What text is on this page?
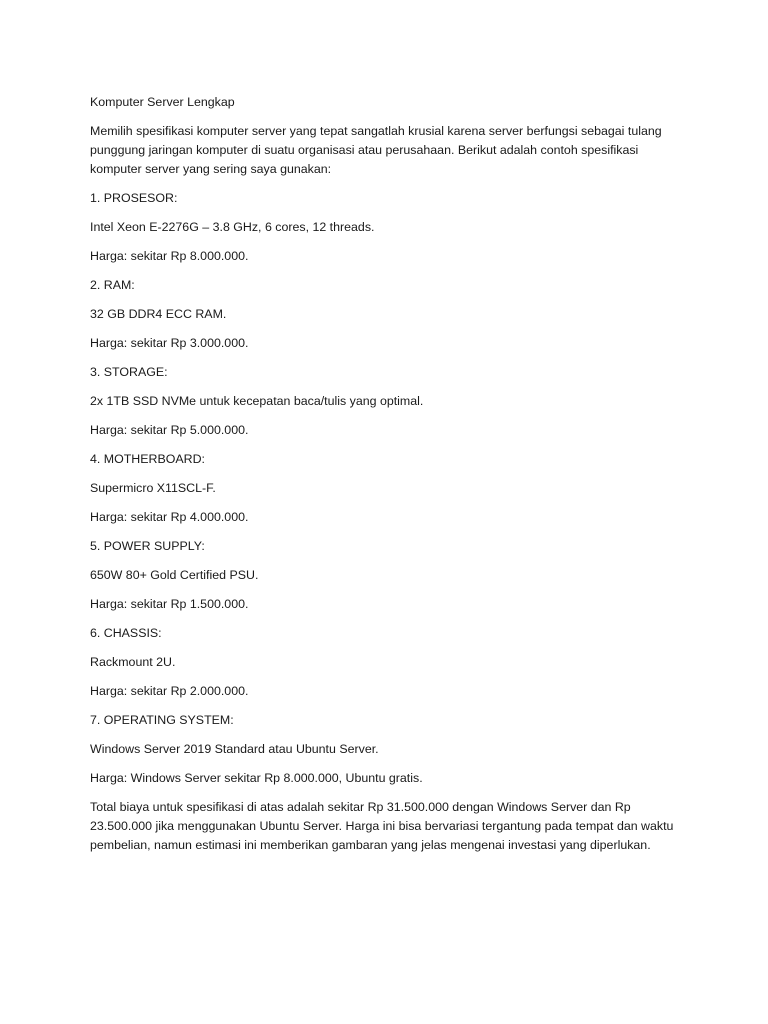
Komputer Server Lengkap

Memilih spesifikasi komputer server yang tepat sangatlah krusial karena server berfungsi sebagai tulang punggung jaringan komputer di suatu organisasi atau perusahaan. Berikut adalah contoh spesifikasi komputer server yang sering saya gunakan:

1. PROSESOR:

Intel Xeon E-2276G – 3.8 GHz, 6 cores, 12 threads.

Harga: sekitar Rp 8.000.000.

2. RAM:

32 GB DDR4 ECC RAM.

Harga: sekitar Rp 3.000.000.

3. STORAGE:

2x 1TB SSD NVMe untuk kecepatan baca/tulis yang optimal.

Harga: sekitar Rp 5.000.000.

4. MOTHERBOARD:

Supermicro X11SCL-F.

Harga: sekitar Rp 4.000.000.

5. POWER SUPPLY:

650W 80+ Gold Certified PSU.

Harga: sekitar Rp 1.500.000.

6. CHASSIS:

Rackmount 2U.

Harga: sekitar Rp 2.000.000.

7. OPERATING SYSTEM:

Windows Server 2019 Standard atau Ubuntu Server.

Harga: Windows Server sekitar Rp 8.000.000, Ubuntu gratis.

Total biaya untuk spesifikasi di atas adalah sekitar Rp 31.500.000 dengan Windows Server dan Rp 23.500.000 jika menggunakan Ubuntu Server. Harga ini bisa bervariasi tergantung pada tempat dan waktu pembelian, namun estimasi ini memberikan gambaran yang jelas mengenai investasi yang diperlukan.
